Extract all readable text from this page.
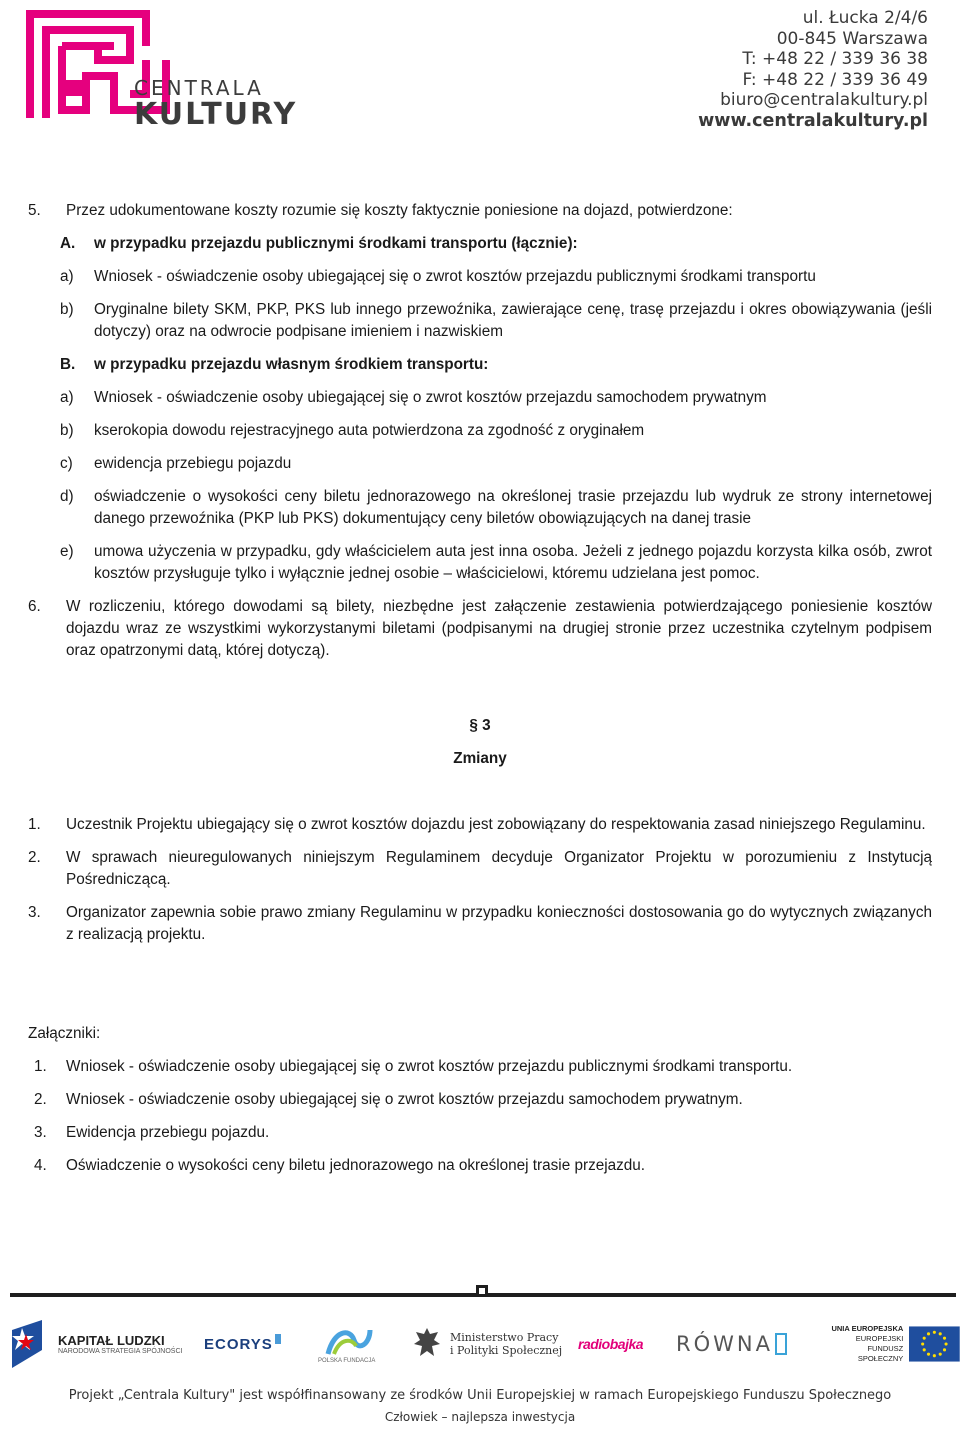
CENTRALA
KULTURY
ul. Łucka 2/4/6
00-845 Warszawa
T: +48 22 / 339 36 38
F: +48 22 / 339 36 49
biuro@centralakultury.pl
www.centralakultury.pl
5. Przez udokumentowane koszty rozumie się koszty faktycznie poniesione na dojazd, potwierdzone:
A. w przypadku przejazdu publicznymi środkami transportu (łącznie):
a) Wniosek - oświadczenie osoby ubiegającej się o zwrot kosztów przejazdu publicznymi środkami transportu
b) Oryginalne bilety SKM, PKP, PKS lub innego przewoźnika, zawierające cenę, trasę przejazdu i okres obowiązywania (jeśli dotyczy) oraz na odwrocie podpisane imieniem i nazwiskiem
B. w przypadku przejazdu własnym środkiem transportu:
a) Wniosek - oświadczenie osoby ubiegającej się o zwrot kosztów przejazdu samochodem prywatnym
b) kserokopia dowodu rejestracyjnego auta potwierdzona za zgodność z oryginałem
c) ewidencja przebiegu pojazdu
d) oświadczenie o wysokości ceny biletu jednorazowego na określonej trasie przejazdu lub wydruk ze strony internetowej danego przewoźnika (PKP lub PKS) dokumentujący ceny biletów obowiązujących na danej trasie
e) umowa użyczenia w przypadku, gdy właścicielem auta jest inna osoba. Jeżeli z jednego pojazdu korzysta kilka osób, zwrot kosztów przysługuje tylko i wyłącznie jednej osobie – właścicielowi, któremu udzielana jest pomoc.
6. W rozliczeniu, którego dowodami są bilety, niezbędne jest załączenie zestawienia potwierdzającego poniesienie kosztów dojazdu wraz ze wszystkimi wykorzystanymi biletami (podpisanymi na drugiej stronie przez uczestnika czytelnym podpisem oraz opatrzonymi datą, której dotyczą).
§ 3
Zmiany
1. Uczestnik Projektu ubiegający się o zwrot kosztów dojazdu jest zobowiązany do respektowania zasad niniejszego Regulaminu.
2. W sprawach nieuregulowanych niniejszym Regulaminem decyduje Organizator Projektu w porozumieniu z Instytucją Pośredniczącą.
3. Organizator zapewnia sobie prawo zmiany Regulaminu w przypadku konieczności dostosowania go do wytycznych związanych z realizacją projektu.
Załączniki:
1. Wniosek - oświadczenie osoby ubiegającej się o zwrot kosztów przejazdu publicznymi środkami transportu.
2. Wniosek - oświadczenie osoby ubiegającej się o zwrot kosztów przejazdu samochodem prywatnym.
3. Ewidencja przebiegu pojazdu.
4. Oświadczenie o wysokości ceny biletu jednorazowego na określonej trasie przejazdu.
KAPITAŁ LUDZKI
NARODOWA STRATEGIA SPÓJNOŚCI ECORYS
POLSKA FUNDACJA
Ministerstwo Pracy
i Polityki Społecznej radiobajka RÓWNA
UNIA EUROPEJSKA
EUROPEJSKI
FUNDUSZ SPOŁECZNY
Projekt „Centrala Kultury" jest współfinansowany ze środków Unii Europejskiej w ramach Europejskiego Funduszu Społecznego
Człowiek – najlepsza inwestycja
